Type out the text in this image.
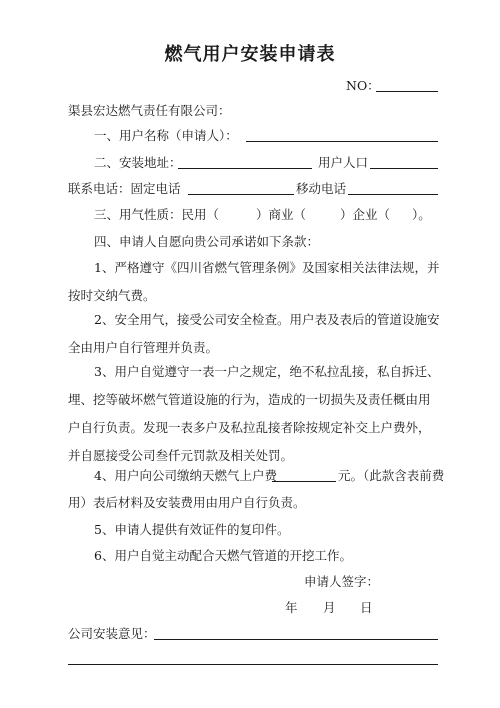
燃气用户安装申请表
NO：
渠县宏达燃气责任有限公司：
一、用户名称（申请人）：
二、安装地址：	用户人口
联系电话：固定电话	移动电话
三、用气性质：民用（	）商业（	）企业（ ）。
四、申请人自愿向贵公司承诺如下条款：
1、严格遵守《四川省燃气管理条例》及国家相关法律法规，并按时交纳气费。
2、安全用气，接受公司安全检查。用户表及表后的管道设施安全由用户自行管理并负责。
3、用户自觉遵守一表一户之规定，绝不私拉乱接，私自拆迁、埋、挖等破坏燃气管道设施的行为，造成的一切损失及责任概由用户自行负责。发现一表多户及私拉乱接者除按规定补交上户费外，并自愿接受公司叁仟元罚款及相关处罚。
4、用户向公司缴纳天燃气上户费	元。（此款含表前费
用）表后材料及安装费用由用户自行负责。
5、申请人提供有效证件的复印件。
6、用户自觉主动配合天燃气管道的开挖工作。
申请人签字：
年 月 日
公司安装意见：
